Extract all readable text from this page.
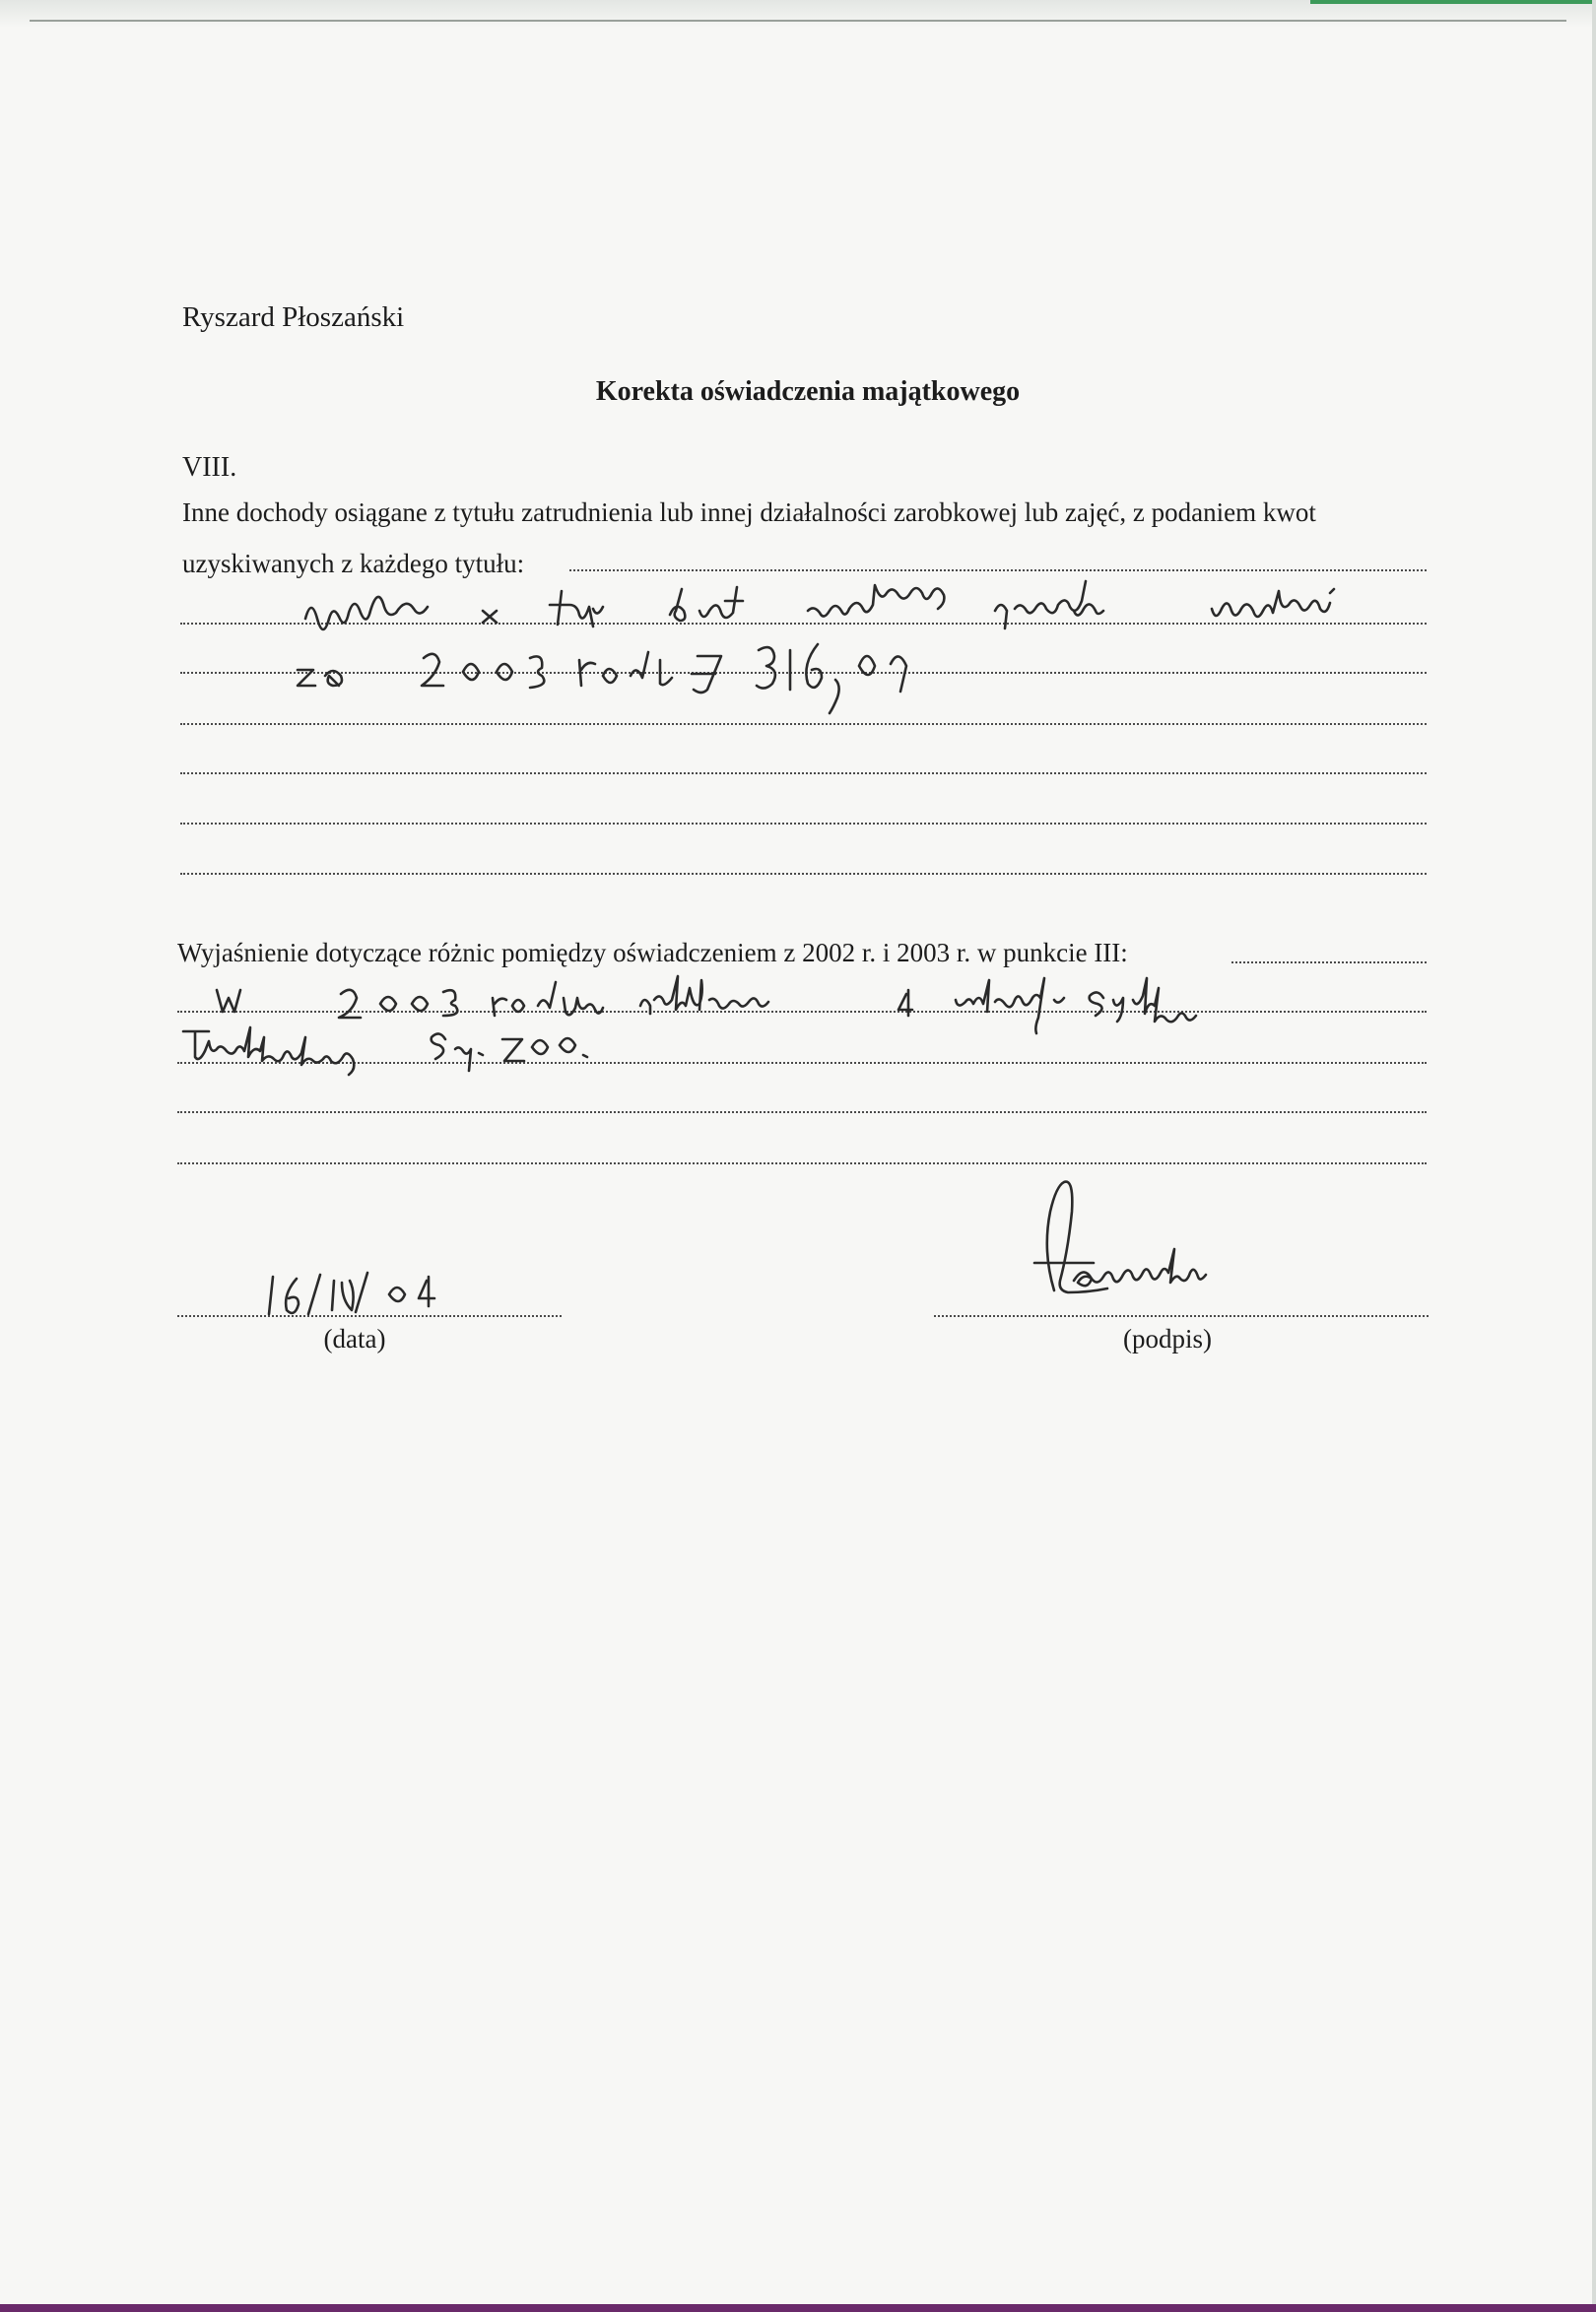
Ryszard Płoszański
Korekta oświadczenia majątkowego
VIII.
Inne dochody osiągane z tytułu zatrudnienia lub innej działalności zarobkowej lub zajęć, z podaniem kwot
uzyskiwanych z każdego tytułu:
Wyjaśnienie dotyczące różnic pomiędzy oświadczeniem z 2002 r. i 2003 r. w punkcie III:
(data)	(podpis)
